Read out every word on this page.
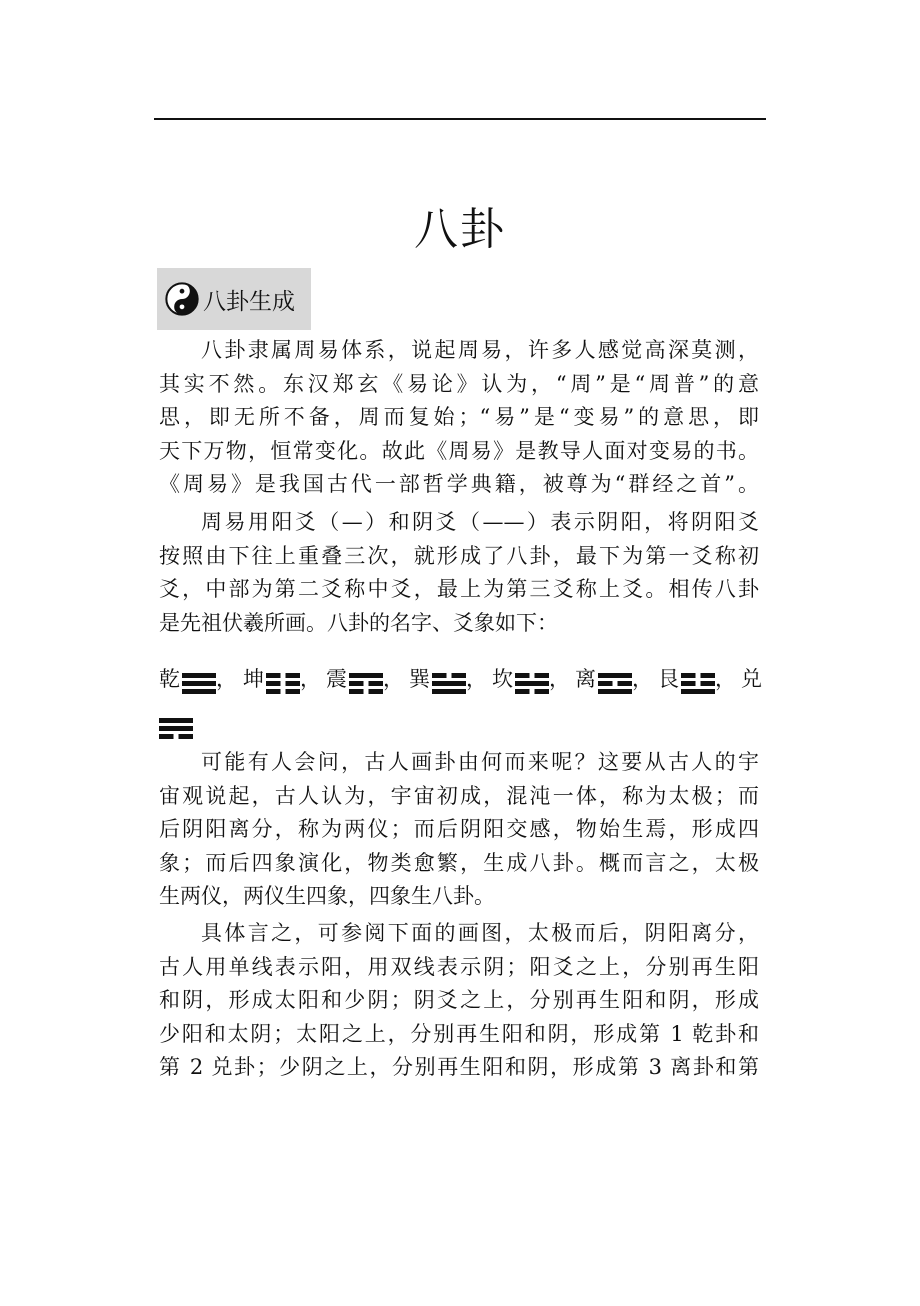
八卦
八卦生成
八卦隶属周易体系，说起周易，许多人感觉高深莫测，
其实不然。东汉郑玄《易论》认为，“周”是“周普”的意
思，即无所不备，周而复始；“易”是“变易”的意思，即
天下万物，恒常变化。故此《周易》是教导人面对变易的书。
《周易》是我国古代一部哲学典籍，被尊为“群经之首”。
周易用阳爻（—）和阴爻（——）表示阴阳，将阴阳爻
按照由下往上重叠三次，就形成了八卦，最下为第一爻称初
爻，中部为第二爻称中爻，最上为第三爻称上爻。相传八卦
是先祖伏羲所画。八卦的名字、爻象如下：
乾 ， 坤 ， 震 ， 巽 ， 坎 ， 离 ， 艮 ， 兑
可能有人会问，古人画卦由何而来呢？这要从古人的宇
宙观说起，古人认为，宇宙初成，混沌一体，称为太极；而
后阴阳离分，称为两仪；而后阴阳交感，物始生焉，形成四
象；而后四象演化，物类愈繁，生成八卦。概而言之，太极
生两仪，两仪生四象，四象生八卦。
具体言之，可参阅下面的画图，太极而后，阴阳离分，
古人用单线表示阳，用双线表示阴；阳爻之上，分别再生阳
和阴，形成太阳和少阴；阴爻之上，分别再生阳和阴，形成
少阳和太阴；太阳之上，分别再生阳和阴，形成第 1 乾卦和
第 2 兑卦；少阴之上，分别再生阳和阴，形成第 3 离卦和第
